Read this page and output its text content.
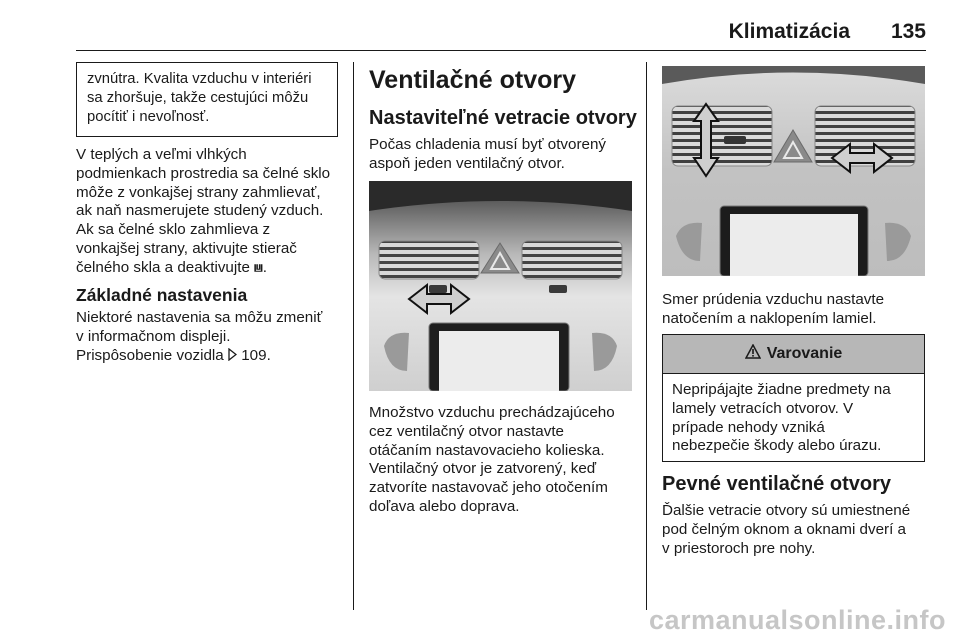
Klimatizácia	135

zvnútra. Kvalita vzduchu v interiéri
sa zhoršuje, takže cestujúci môžu
pocítiť i nevoľnosť.

V teplých a veľmi vlhkých
podmienkach prostredia sa čelné sklo
môže z vonkajšej strany zahmlievať,
ak naň nasmerujete studený vzduch.
Ak sa čelné sklo zahmlieva z
vonkajšej strany, aktivujte stierač
čelného skla a deaktivujte ⩏.

Základné nastavenia

Niektoré nastavenia sa môžu zmeniť
v informačnom displeji.
Prispôsobenie vozidla 109.

Ventilačné otvory
Nastaviteľné vetracie otvory

Počas chladenia musí byť otvorený
aspoň jeden ventilačný otvor.

Množstvo vzduchu prechádzajúceho
cez ventilačný otvor nastavte
otáčaním nastavovacieho kolieska.
Ventilačný otvor je zatvorený, keď
zatvoríte nastavovač jeho otočením
doľava alebo doprava.

Smer prúdenia vzduchu nastavte
natočením a naklopením lamiel.

Varovanie

Nepripájajte žiadne predmety na
lamely vetracích otvorov. V
prípade nehody vzniká
nebezpečie škody alebo úrazu.

Pevné ventilačné otvory

Ďalšie vetracie otvory sú umiestnené
pod čelným oknom a oknami dverí a
v priestoroch pre nohy.

carmanualsonline.info
